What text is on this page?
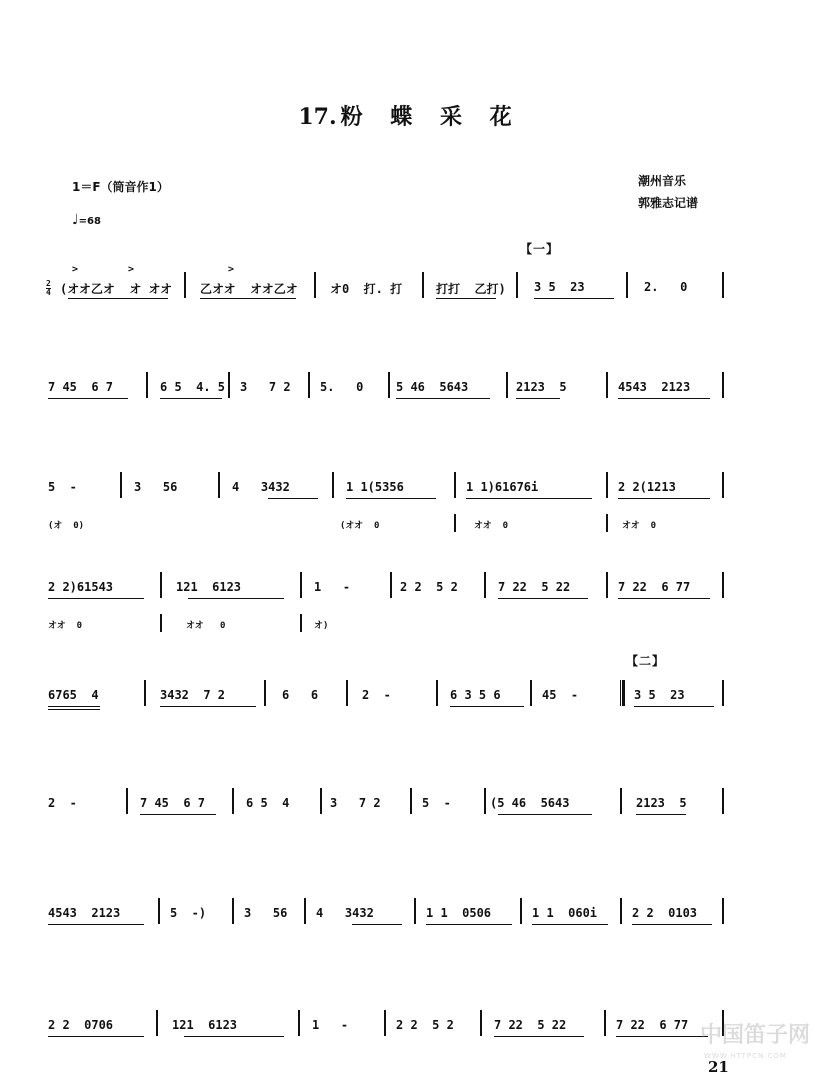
17. 粉 蝶 采 花
1＝F（筒音作1）
♩=68
潮州音乐
郭雅志记谱
【一】
【二】
2
4
>	>	>
(オオ乙オ  オ オオ 乙オオ  オオ乙オ	オ0  打. 打	打打  乙打) 3 5  23	2.   0
7 45  6 7	6 5  4. 5 3   7 2 5.   0	5 46  5643	2123  5	4543  2123
5  -	3   56	4   3432	1 1(5356	1 1)61676i	2 2(1213
(オ  0)	(オオ  0	オオ  0	オオ  0
2 2)61543	121  6123	1   -	2 2  5 2	7 22  5 22	7 22  6 77
オオ  0	オオ   0	オ)
6765  4	3432  7 2	6   6	2  -	6 3 5 6	45  -	3 5  23
2  -	7 45  6 7	6 5  4	3   7 2	5  -	(5 46  5643	2123  5
4543  2123	5  -)	3   56 4   3432	1 1  0506	1 1  060i	2 2  0103
2 2  0706	121  6123	1   -	2 2  5 2	7 22  5 22	7 22  6 77 中国笛子网
WWW.HTTPCN.COM
21
